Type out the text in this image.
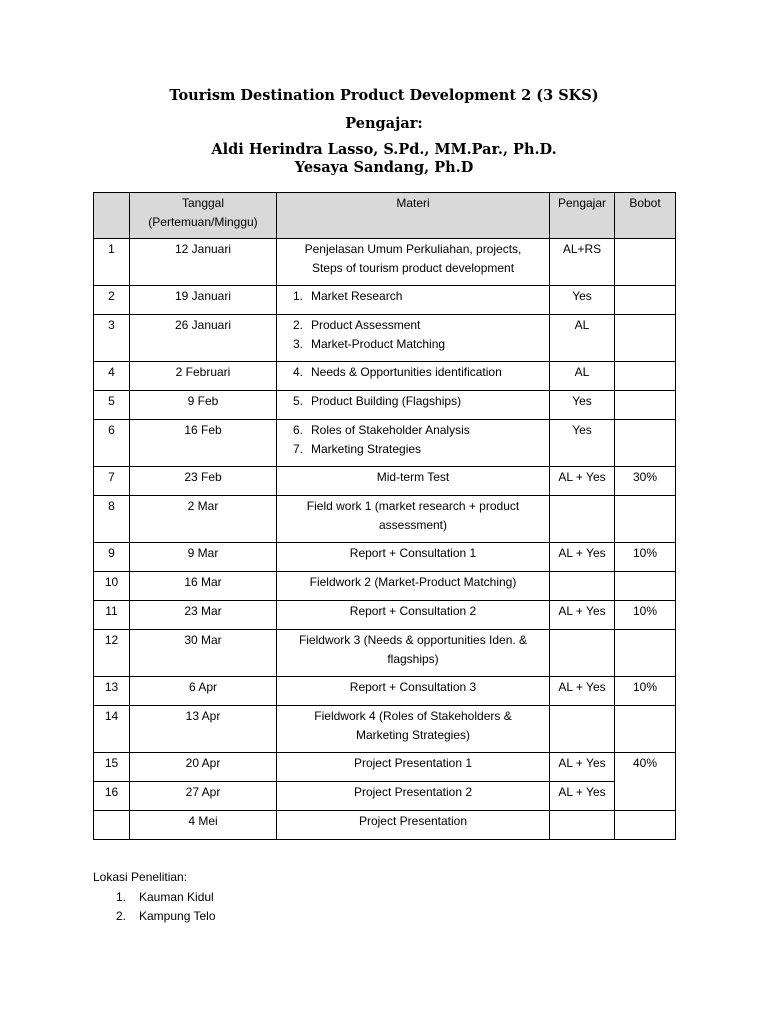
Tourism Destination Product Development 2 (3 SKS)
Pengajar:
Aldi Herindra Lasso, S.Pd., MM.Par., Ph.D.
Yesaya Sandang, Ph.D
	Tanggal
(Pertemuan/Minggu)	Materi	Pengajar	Bobot
1	12 Januari	Penjelasan Umum Perkuliahan, projects,
Steps of tourism product development	AL+RS	
2	19 Januari	1. Market Research	Yes	
3	26 Januari	2. Product Assessment
3. Market-Product Matching	AL	
4	2 Februari	4. Needs & Opportunities identification	AL	
5	9 Feb	5. Product Building (Flagships)	Yes	
6	16 Feb	6. Roles of Stakeholder Analysis
7. Marketing Strategies	Yes	
7	23 Feb	Mid-term Test	AL + Yes	30%
8	2 Mar	Field work 1 (market research + product
assessment)		

9	9 Mar	Report + Consultation 1	AL + Yes	10%
10	16 Mar	Fieldwork 2 (Market-Product Matching)		

11	23 Mar	Report + Consultation 2	AL + Yes	10%
12	30 Mar	Fieldwork 3 (Needs & opportunities Iden. &
flagships)		

13	6 Apr	Report + Consultation 3	AL + Yes	10%
14	13 Apr	Fieldwork 4 (Roles of Stakeholders &
Marketing Strategies)		

15	20 Apr	Project Presentation 1	AL + Yes	40%
16	27 Apr	Project Presentation 2	AL + Yes	
	4 Mei	Project Presentation		

Lokasi Penelitian:
1.	Kauman Kidul
2.	Kampung Telo
